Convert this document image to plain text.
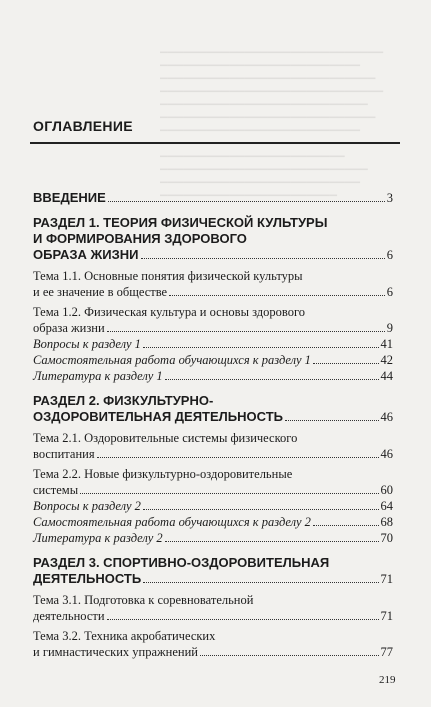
▔▔▔▔▔▔▔▔▔▔▔▔▔▔▔▔▔▔▔▔▔▔▔▔▔▔▔▔▔
▔▔▔▔▔▔▔▔▔▔▔▔▔▔▔▔▔▔▔▔▔▔▔▔▔▔
▔▔▔▔▔▔▔▔▔▔▔▔▔▔▔▔▔▔▔▔▔▔▔▔▔▔▔▔
▔▔▔▔▔▔▔▔▔▔▔▔▔▔▔▔▔▔▔▔▔▔▔▔▔▔▔▔▔
▔▔▔▔▔▔▔▔▔▔▔▔▔▔▔▔▔▔▔▔▔▔▔▔▔▔▔
▔▔▔▔▔▔▔▔▔▔▔▔▔▔▔▔▔▔▔▔▔▔▔▔▔▔▔▔
▔▔▔▔▔▔▔▔▔▔▔▔▔▔▔▔▔▔▔▔▔▔▔▔▔▔
▔▔▔▔▔▔▔▔▔▔▔▔▔▔▔▔▔▔▔▔▔▔▔▔▔▔▔▔▔
▔▔▔▔▔▔▔▔▔▔▔▔▔▔▔▔▔▔▔▔▔▔▔▔
▔▔▔▔▔▔▔▔▔▔▔▔▔▔▔▔▔▔▔▔▔▔▔▔▔▔▔
▔▔▔▔▔▔▔▔▔▔▔▔▔▔▔▔▔▔▔▔▔▔▔▔▔▔
▔▔▔▔▔▔▔▔▔▔▔▔▔▔▔▔▔▔▔▔▔▔▔
ОГЛАВЛЕНИЕ
ВВЕДЕНИЕ	3
РАЗДЕЛ 1. ТЕОРИЯ ФИЗИЧЕСКОЙ КУЛЬТУРЫ
И ФОРМИРОВАНИЯ ЗДОРОВОГО
ОБРАЗА ЖИЗНИ	6
Тема 1.1. Основные понятия физической культуры
и ее значение в обществе	6
Тема 1.2. Физическая культура и основы здорового
образа жизни	9
Вопросы к разделу 1	41
Самостоятельная работа обучающихся к разделу 1	42
Литература к разделу 1	44
РАЗДЕЛ 2. ФИЗКУЛЬТУРНО-
ОЗДОРОВИТЕЛЬНАЯ ДЕЯТЕЛЬНОСТЬ	46
Тема 2.1. Оздоровительные системы физического
воспитания	46
Тема 2.2. Новые физкультурно-оздоровительные
системы	60
Вопросы к разделу 2	64
Самостоятельная работа обучающихся к разделу 2	68
Литература к разделу 2	70
РАЗДЕЛ 3. СПОРТИВНО-ОЗДОРОВИТЕЛЬНАЯ
ДЕЯТЕЛЬНОСТЬ	71
Тема 3.1. Подготовка к соревновательной
деятельности	71
Тема 3.2. Техника акробатических
и гимнастических упражнений	77
219
